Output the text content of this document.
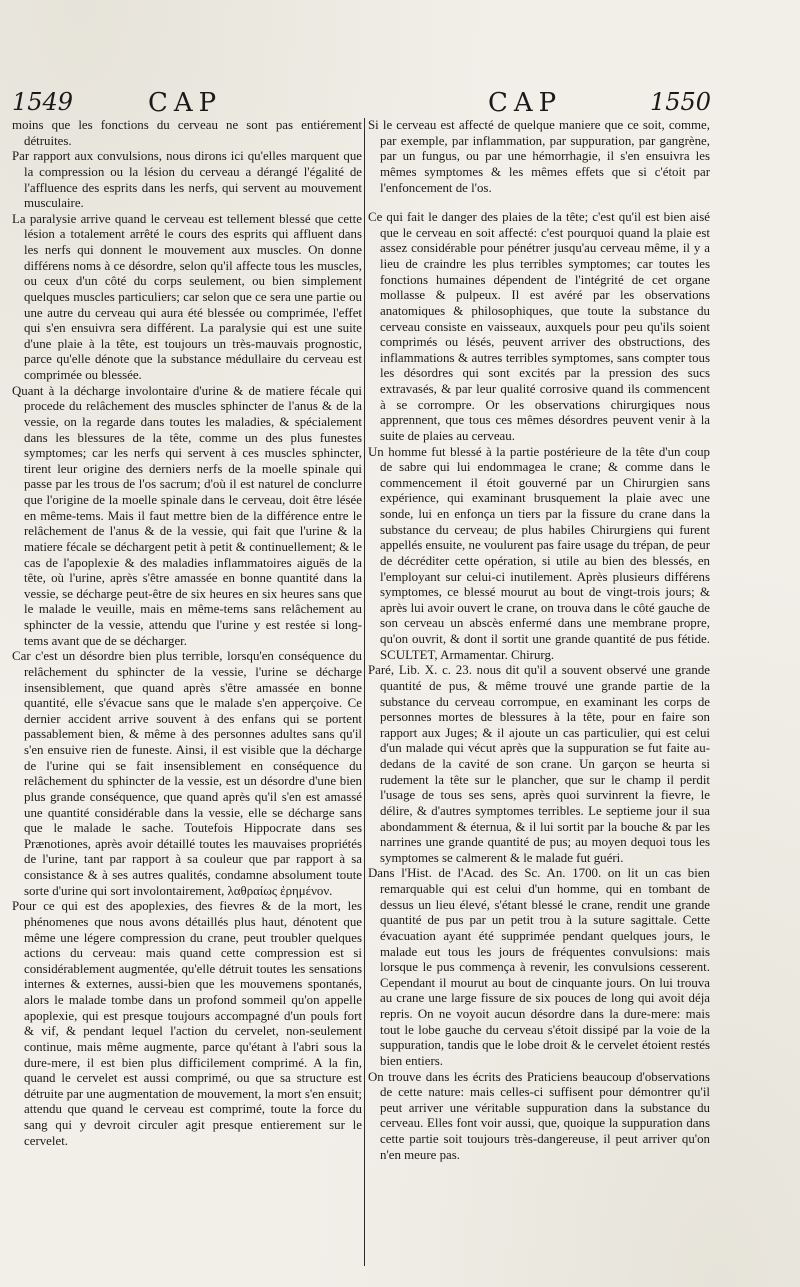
1549	CAP	CAP	1550

moins que les fonctions du cerveau ne sont pas entiérement détruites.

Par rapport aux convulsions, nous dirons ici qu'elles marquent que la compression ou la lésion du cerveau a dérangé l'égalité de l'affluence des esprits dans les nerfs, qui servent au mouvement musculaire.

La paralysie arrive quand le cerveau est tellement blessé que cette lésion a totalement arrêté le cours des esprits qui affluent dans les nerfs qui donnent le mouvement aux muscles. On donne différens noms à ce désordre, selon qu'il affecte tous les muscles, ou ceux d'un côté du corps seulement, ou bien simplement quelques muscles particuliers; car selon que ce sera une partie ou une autre du cerveau qui aura été blessée ou comprimée, l'effet qui s'en ensuivra sera différent. La paralysie qui est une suite d'une plaie à la tête, est toujours un très-mauvais prognostic, parce qu'elle dénote que la substance médullaire du cerveau est comprimée ou blessée.

Quant à la décharge involontaire d'urine & de matiere fécale qui procede du relâchement des muscles sphincter de l'anus & de la vessie, on la regarde dans toutes les maladies, & spécialement dans les blessures de la tête, comme un des plus funestes symptomes; car les nerfs qui servent à ces muscles sphincter, tirent leur origine des derniers nerfs de la moelle spinale qui passe par les trous de l'os sacrum; d'où il est naturel de conclurre que l'origine de la moelle spinale dans le cerveau, doit être lésée en même-tems. Mais il faut mettre bien de la différence entre le relâchement de l'anus & de la vessie, qui fait que l'urine & la matiere fécale se déchargent petit à petit & continuellement; & le cas de l'apoplexie & des maladies inflammatoires aiguës de la tête, où l'urine, après s'être amassée en bonne quantité dans la vessie, se décharge peut-être de six heures en six heures sans que le malade le veuille, mais en même-tems sans relâchement au sphincter de la vessie, attendu que l'urine y est restée si long-tems avant que de se décharger.

Car c'est un désordre bien plus terrible, lorsqu'en conséquence du relâchement du sphincter de la vessie, l'urine se décharge insensiblement, que quand après s'être amassée en bonne quantité, elle s'évacue sans que le malade s'en apperçoive. Ce dernier accident arrive souvent à des enfans qui se portent passablement bien, & même à des personnes adultes sans qu'il s'en ensuive rien de funeste. Ainsi, il est visible que la décharge de l'urine qui se fait insensiblement en conséquence du relâchement du sphincter de la vessie, est un désordre d'une bien plus grande conséquence, que quand après qu'il s'en est amassé une quantité considérable dans la vessie, elle se décharge sans que le malade le sache. Toutefois Hippocrate dans ses Prænotiones, après avoir détaillé toutes les mauvaises propriétés de l'urine, tant par rapport à sa couleur que par rapport à sa consistance & à ses autres qualités, condamne absolument toute sorte d'urine qui sort involontairement, λαθραίως ἐρημένον.

Pour ce qui est des apoplexies, des fievres & de la mort, les phénomenes que nous avons détaillés plus haut, dénotent que même une légere compression du crane, peut troubler quelques actions du cerveau: mais quand cette compression est si considérablement augmentée, qu'elle détruit toutes les sensations internes & externes, aussi-bien que les mouvemens spontanés, alors le malade tombe dans un profond sommeil qu'on appelle apoplexie, qui est presque toujours accompagné d'un pouls fort & vif, & pendant lequel l'action du cervelet, non-seulement continue, mais même augmente, parce qu'étant à l'abri sous la dure-mere, il est bien plus difficilement comprimé. A la fin, quand le cervelet est aussi comprimé, ou que sa structure est détruite par une augmentation de mouvement, la mort s'en ensuit; attendu que quand le cerveau est comprimé, toute la force du sang qui y devroit circuler agit presque entierement sur le cervelet.

Si le cerveau est affecté de quelque maniere que ce soit, comme, par exemple, par inflammation, par suppuration, par gangrène, par un fungus, ou par une hémorrhagie, il s'en ensuivra les mêmes symptomes & les mêmes effets que si c'étoit par l'enfoncement de l'os.

Ce qui fait le danger des plaies de la tête; c'est qu'il est bien aisé que le cerveau en soit affecté: c'est pourquoi quand la plaie est assez considérable pour pénétrer jusqu'au cerveau même, il y a lieu de craindre les plus terribles symptomes; car toutes les fonctions humaines dépendent de l'intégrité de cet organe mollasse & pulpeux. Il est avéré par les observations anatomiques & philosophiques, que toute la substance du cerveau consiste en vaisseaux, auxquels pour peu qu'ils soient comprimés ou lésés, peuvent arriver des obstructions, des inflammations & autres terribles symptomes, sans compter tous les désordres qui sont excités par la pression des sucs extravasés, & par leur qualité corrosive quand ils commencent à se corrompre. Or les observations chirurgiques nous apprennent, que tous ces mêmes désordres peuvent venir à la suite de plaies au cerveau.

Un homme fut blessé à la partie postérieure de la tête d'un coup de sabre qui lui endommagea le crane; & comme dans le commencement il étoit gouverné par un Chirurgien sans expérience, qui examinant brusquement la plaie avec une sonde, lui en enfonça un tiers par la fissure du crane dans la substance du cerveau; de plus habiles Chirurgiens qui furent appellés ensuite, ne voulurent pas faire usage du trépan, de peur de décréditer cette opération, si utile au bien des blessés, en l'employant sur celui-ci inutilement. Après plusieurs différens symptomes, ce blessé mourut au bout de vingt-trois jours; & après lui avoir ouvert le crane, on trouva dans le côté gauche de son cerveau un abscès enfermé dans une membrane propre, qu'on ouvrit, & dont il sortit une grande quantité de pus fétide. SCULTET, Armamentar. Chirurg.

Paré, Lib. X. c. 23. nous dit qu'il a souvent observé une grande quantité de pus, & même trouvé une grande partie de la substance du cerveau corrompue, en examinant les corps de personnes mortes de blessures à la tête, pour en faire son rapport aux Juges; & il ajoute un cas particulier, qui est celui d'un malade qui vécut après que la suppuration se fut faite au-dedans de la cavité de son crane. Un garçon se heurta si rudement la tête sur le plancher, que sur le champ il perdit l'usage de tous ses sens, après quoi survinrent la fievre, le délire, & d'autres symptomes terribles. Le septieme jour il sua abondamment & éternua, & il lui sortit par la bouche & par les narrines une grande quantité de pus; au moyen dequoi tous les symptomes se calmerent & le malade fut guéri.

Dans l'Hist. de l'Acad. des Sc. An. 1700. on lit un cas bien remarquable qui est celui d'un homme, qui en tombant de dessus un lieu élevé, s'étant blessé le crane, rendit une grande quantité de pus par un petit trou à la suture sagittale. Cette évacuation ayant été supprimée pendant quelques jours, le malade eut tous les jours de fréquentes convulsions: mais lorsque le pus commença à revenir, les convulsions cesserent. Cependant il mourut au bout de cinquante jours. On lui trouva au crane une large fissure de six pouces de long qui avoit déja repris. On ne voyoit aucun désordre dans la dure-mere: mais tout le lobe gauche du cerveau s'étoit dissipé par la voie de la suppuration, tandis que le lobe droit & le cervelet étoient restés bien entiers.

On trouve dans les écrits des Praticiens beaucoup d'observations de cette nature: mais celles-ci suffisent pour démontrer qu'il peut arriver une véritable suppuration dans la substance du cerveau. Elles font voir aussi, que, quoique la suppuration dans cette partie soit toujours très-dangereuse, il peut arriver qu'on n'en meure pas.
